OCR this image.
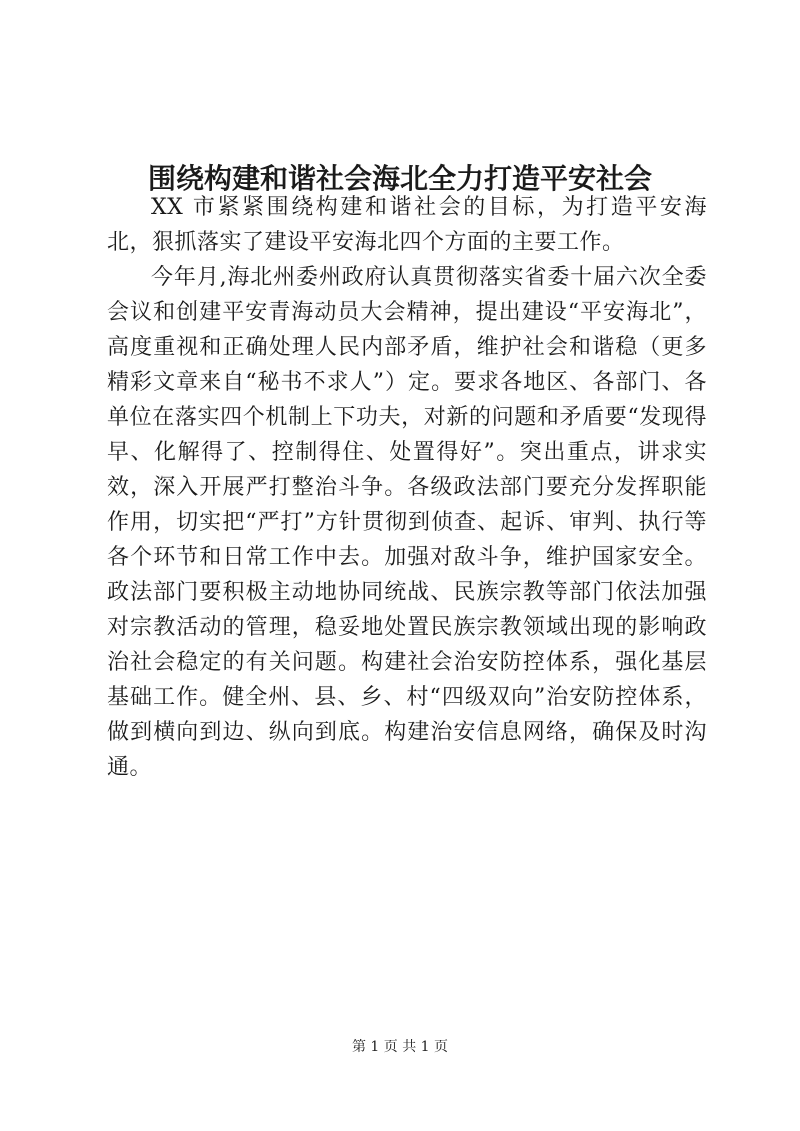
围绕构建和谐社会海北全力打造平安社会

XX 市紧紧围绕构建和谐社会的目标，为打造平安海北，狠抓落实了建设平安海北四个方面的主要工作。

今年月,海北州委州政府认真贯彻落实省委十届六次全委会议和创建平安青海动员大会精神，提出建设“平安海北”，高度重视和正确处理人民内部矛盾，维护社会和谐稳（更多精彩文章来自“秘书不求人”）定。要求各地区、各部门、各单位在落实四个机制上下功夫，对新的问题和矛盾要“发现得早、化解得了、控制得住、处置得好”。突出重点，讲求实效，深入开展严打整治斗争。各级政法部门要充分发挥职能作用，切实把“严打”方针贯彻到侦查、起诉、审判、执行等各个环节和日常工作中去。加强对敌斗争，维护国家安全。政法部门要积极主动地协同统战、民族宗教等部门依法加强对宗教活动的管理，稳妥地处置民族宗教领域出现的影响政治社会稳定的有关问题。构建社会治安防控体系，强化基层基础工作。健全州、县、乡、村“四级双向”治安防控体系，做到横向到边、纵向到底。构建治安信息网络，确保及时沟通。

第 1 页 共 1 页
